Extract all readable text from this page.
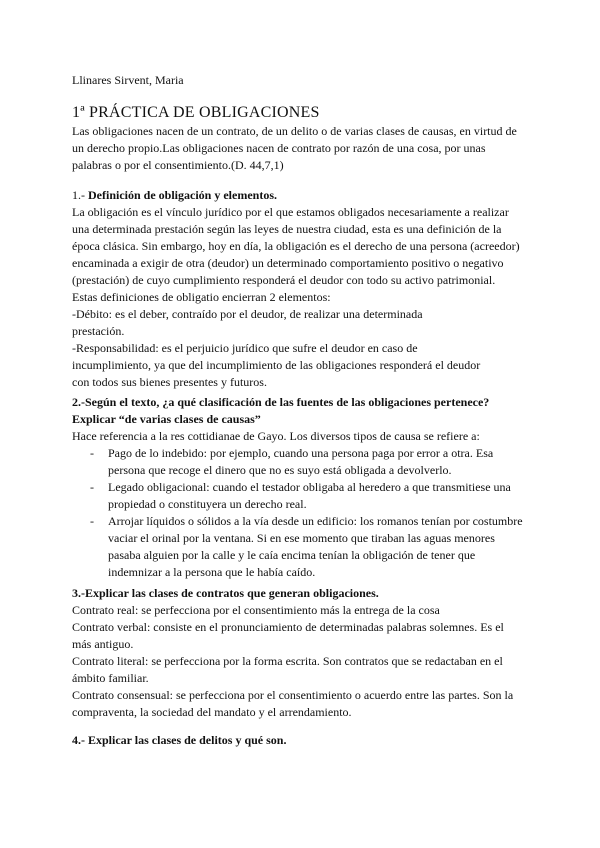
Llinares Sirvent, Maria
1ª PRÁCTICA DE OBLIGACIONES
Las obligaciones nacen de un contrato, de un delito o de varias clases de causas, en virtud de
un derecho propio.Las obligaciones nacen de contrato por razón de una cosa, por unas
palabras o por el consentimiento.(D. 44,7,1)
1.- Definición de obligación y elementos.
La obligación es el vínculo jurídico por el que estamos obligados necesariamente a realizar
una determinada prestación según las leyes de nuestra ciudad, esta es una definición de la
época clásica. Sin embargo, hoy en día, la obligación es el derecho de una persona (acreedor)
encaminada a exigir de otra (deudor) un determinado comportamiento positivo o negativo
(prestación) de cuyo cumplimiento responderá el deudor con todo su activo patrimonial.
Estas definiciones de obligatio encierran 2 elementos:
-Débito: es el deber, contraído por el deudor, de realizar una determinada
prestación.
-Responsabilidad: es el perjuicio jurídico que sufre el deudor en caso de
incumplimiento, ya que del incumplimiento de las obligaciones responderá el deudor
con todos sus bienes presentes y futuros.
2.-Según el texto, ¿a qué clasificación de las fuentes de las obligaciones pertenece?
Explicar “de varias clases de causas”
Hace referencia a la res cottidianae de Gayo. Los diversos tipos de causa se refiere a:
- Pago de lo indebido: por ejemplo, cuando una persona paga por error a otra. Esa
persona que recoge el dinero que no es suyo está obligada a devolverlo.
- Legado obligacional: cuando el testador obligaba al heredero a que transmitiese una
propiedad o constituyera un derecho real.
- Arrojar líquidos o sólidos a la vía desde un edificio: los romanos tenían por costumbre
vaciar el orinal por la ventana. Si en ese momento que tiraban las aguas menores
pasaba alguien por la calle y le caía encima tenían la obligación de tener que
indemnizar a la persona que le había caído.
3.-Explicar las clases de contratos que generan obligaciones.
Contrato real: se perfecciona por el consentimiento más la entrega de la cosa
Contrato verbal: consiste en el pronunciamiento de determinadas palabras solemnes. Es el
más antiguo.
Contrato literal: se perfecciona por la forma escrita. Son contratos que se redactaban en el
ámbito familiar.
Contrato consensual: se perfecciona por el consentimiento o acuerdo entre las partes. Son la
compraventa, la sociedad del mandato y el arrendamiento.
4.- Explicar las clases de delitos y qué son.
